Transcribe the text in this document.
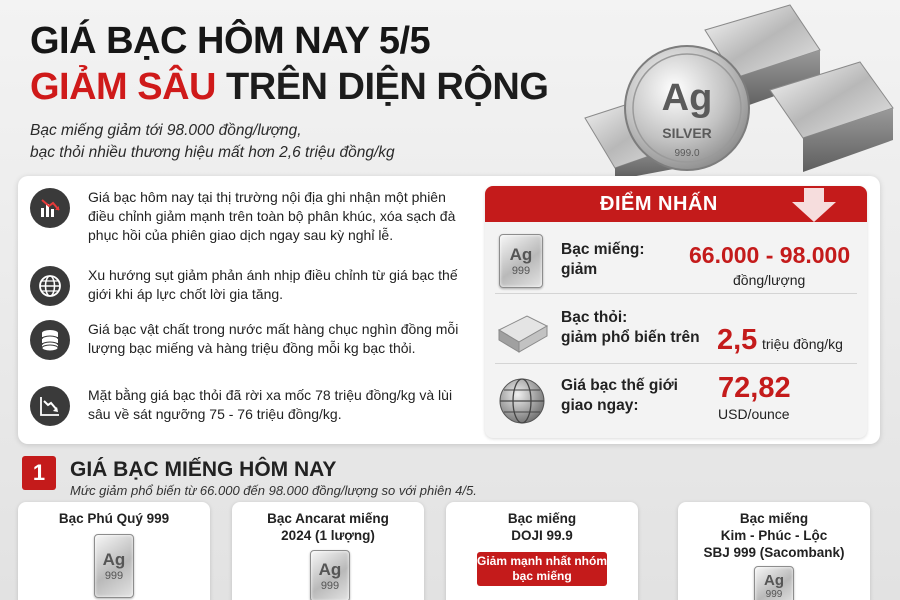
GIÁ BẠC HÔM NAY 5/5
GIẢM SÂU TRÊN DIỆN RỘNG
Bạc miếng giảm tới 98.000 đồng/lượng,
bạc thỏi nhiều thương hiệu mất hơn 2,6 triệu đồng/kg
Ag
SILVER
999.0
Giá bạc hôm nay tại thị trường nội địa ghi nhận một phiên điều chỉnh giảm mạnh trên toàn bộ phân khúc, xóa sạch đà phục hồi của phiên giao dịch ngay sau kỳ nghỉ lễ.
Xu hướng sụt giảm phản ánh nhịp điều chỉnh từ giá bạc thế giới khi áp lực chốt lời gia tăng.
Giá bạc vật chất trong nước mất hàng chục nghìn đồng mỗi lượng bạc miếng và hàng triệu đồng mỗi kg bạc thỏi.
Mặt bằng giá bạc thỏi đã rời xa mốc 78 triệu đồng/kg và lùi sâu về sát ngưỡng 75 - 76 triệu đồng/kg.
ĐIỂM NHẤN
Ag
999
Bạc miếng: giảm
66.000 - 98.000
đồng/lượng
Bạc thỏi:
giảm phổ biến trên 2,5 triệu đồng/kg
Giá bạc thế giới
giao ngay:
72,82
USD/ounce
1	GIÁ BẠC MIẾNG HÔM NAY
Mức giảm phổ biến từ 66.000 đến 98.000 đồng/lượng so với phiên 4/5.
Bạc Phú Quý 999
Ag
999
Bạc Ancarat miếng
2024 (1 lượng)
Ag
999
Bạc miếng
DOJI 99.9
Giảm mạnh nhất nhóm bạc miếng
Bạc miếng
Kim - Phúc - Lộc
SBJ 999 (Sacombank)
Ag
999
